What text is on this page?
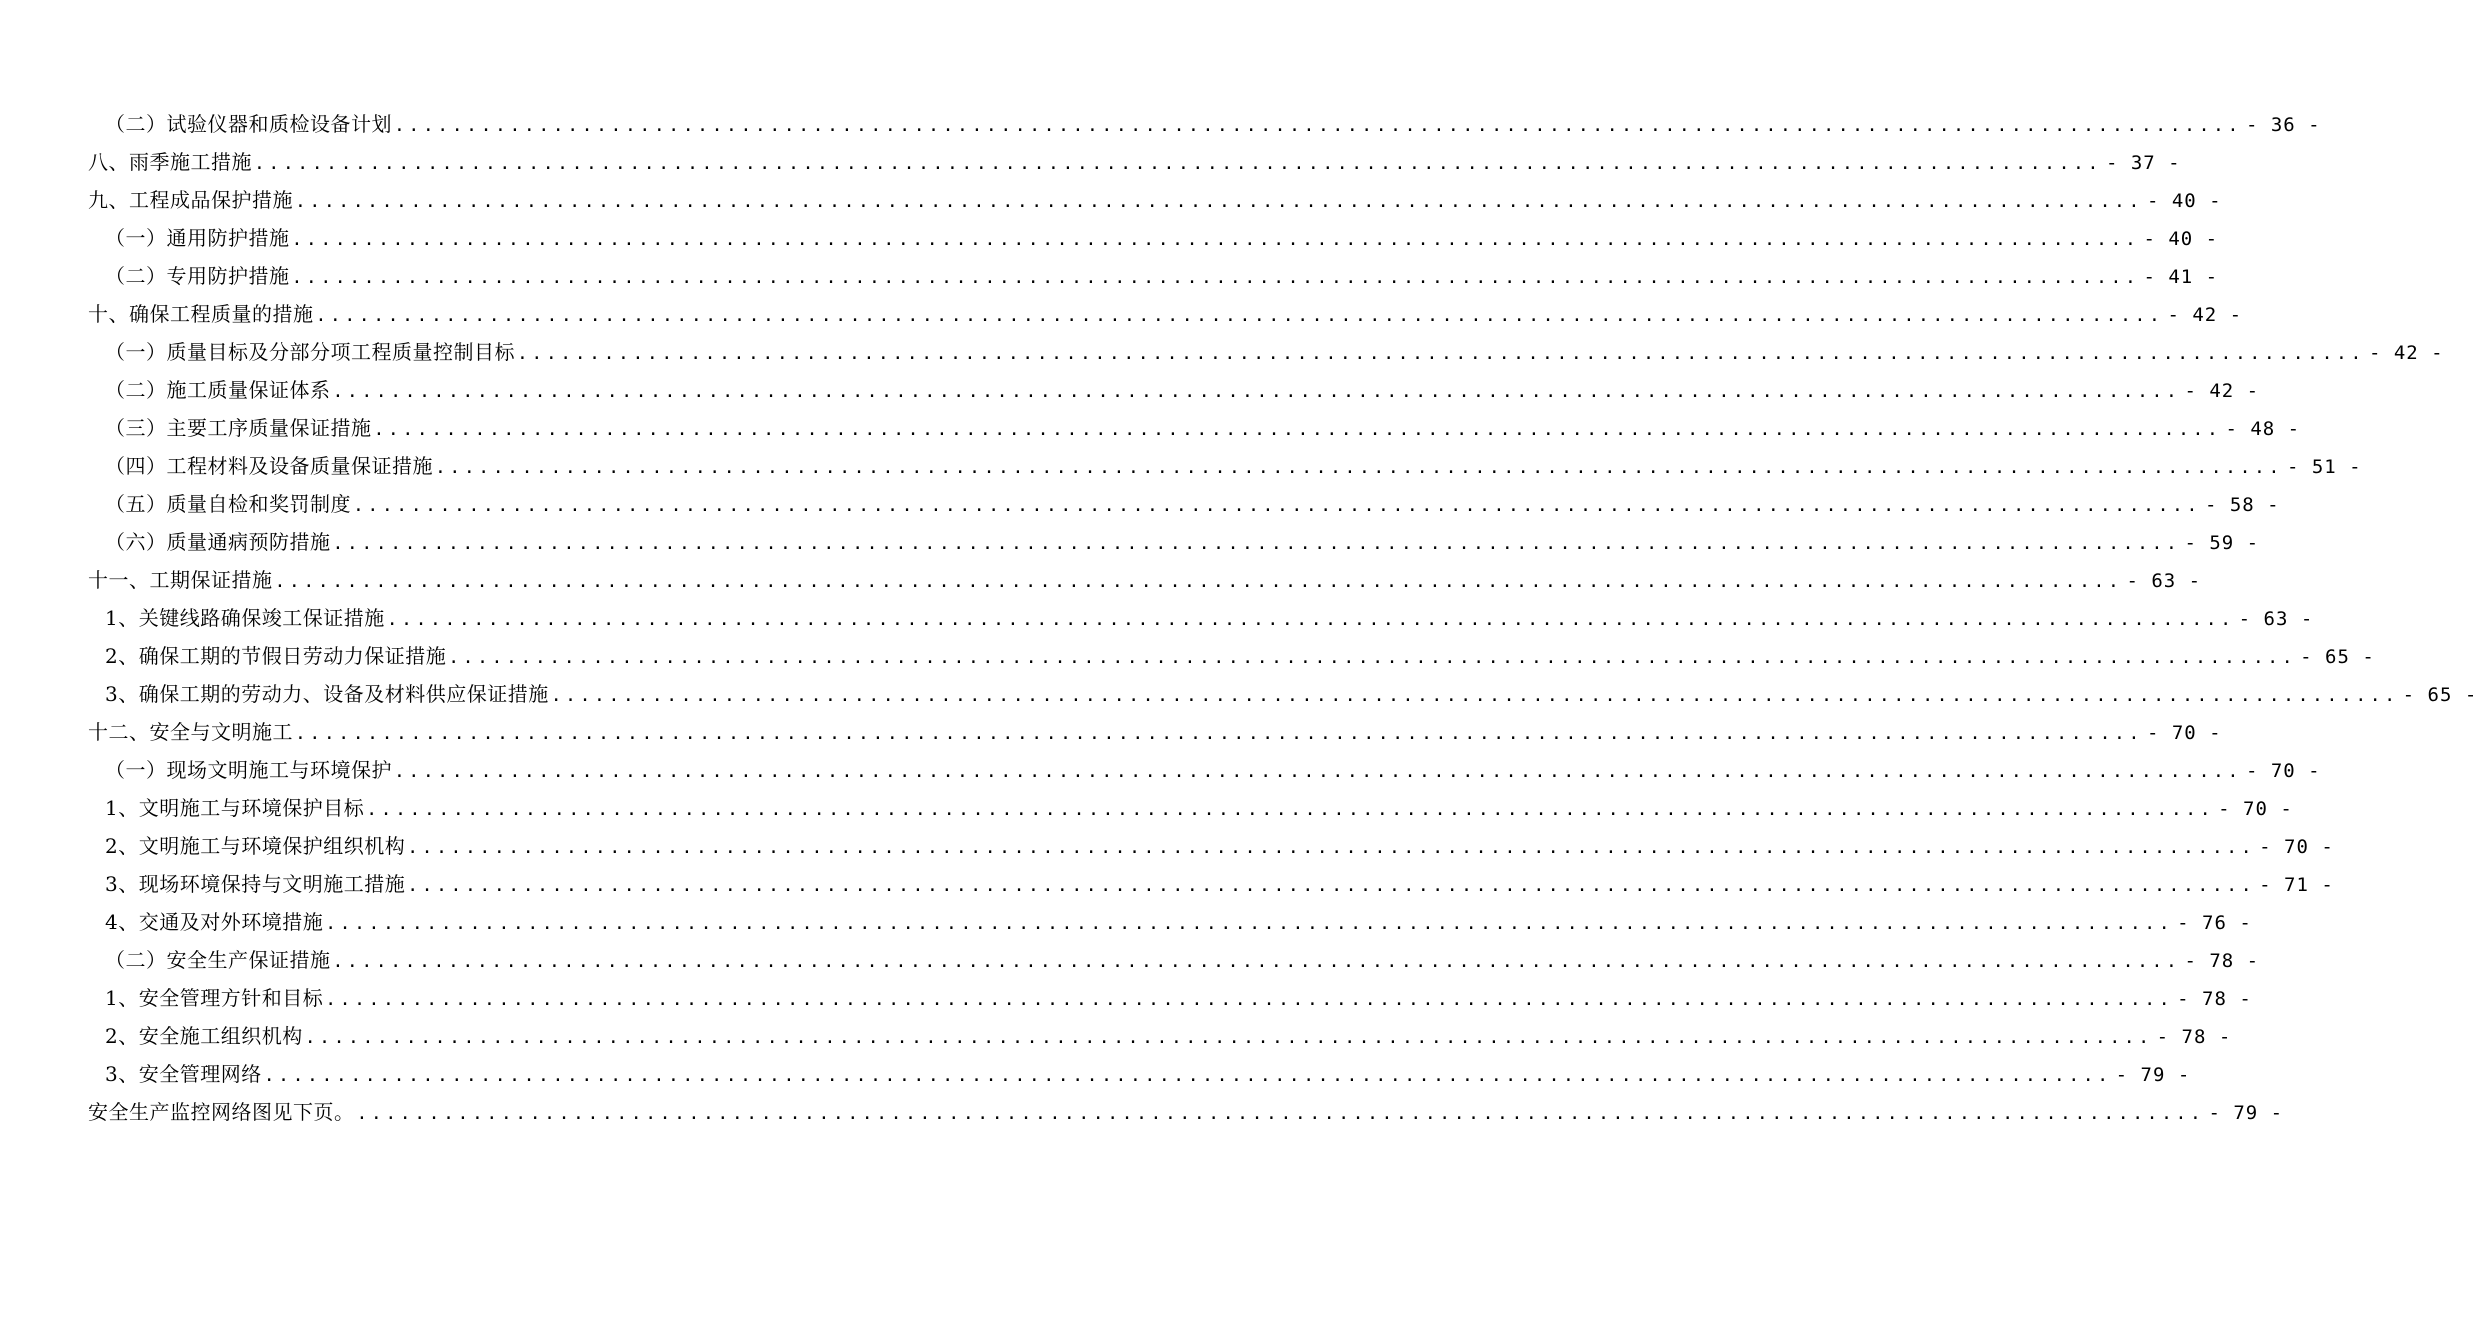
（二）试验仪器和质检设备计划 ................................................................................................................................ - 36 -
八、雨季施工措施 ................................................................................................................................ - 37 -
九、工程成品保护措施 ................................................................................................................................ - 40 -
（一）通用防护措施 ................................................................................................................................ - 40 -
（二）专用防护措施 ................................................................................................................................ - 41 -
十、确保工程质量的措施 ................................................................................................................................ - 42 -
（一）质量目标及分部分项工程质量控制目标 ................................................................................................................................ - 42 -
（二）施工质量保证体系 ................................................................................................................................ - 42 -
（三）主要工序质量保证措施 ................................................................................................................................ - 48 -
（四）工程材料及设备质量保证措施 ................................................................................................................................ - 51 -
（五）质量自检和奖罚制度 ................................................................................................................................ - 58 -
（六）质量通病预防措施 ................................................................................................................................ - 59 -
十一、工期保证措施 ................................................................................................................................ - 63 -
1、关键线路确保竣工保证措施 ................................................................................................................................ - 63 -
2、确保工期的节假日劳动力保证措施 ................................................................................................................................ - 65 -
3、确保工期的劳动力、设备及材料供应保证措施 ................................................................................................................................ - 65 -
十二、安全与文明施工 ................................................................................................................................ - 70 -
（一）现场文明施工与环境保护 ................................................................................................................................ - 70 -
1、文明施工与环境保护目标 ................................................................................................................................ - 70 -
2、文明施工与环境保护组织机构 ................................................................................................................................ - 70 -
3、现场环境保持与文明施工措施 ................................................................................................................................ - 71 -
4、交通及对外环境措施 ................................................................................................................................ - 76 -
（二）安全生产保证措施 ................................................................................................................................ - 78 -
1、安全管理方针和目标 ................................................................................................................................ - 78 -
2、安全施工组织机构 ................................................................................................................................ - 78 -
3、安全管理网络 ................................................................................................................................ - 79 -
安全生产监控网络图见下页。 ................................................................................................................................ - 79 -
